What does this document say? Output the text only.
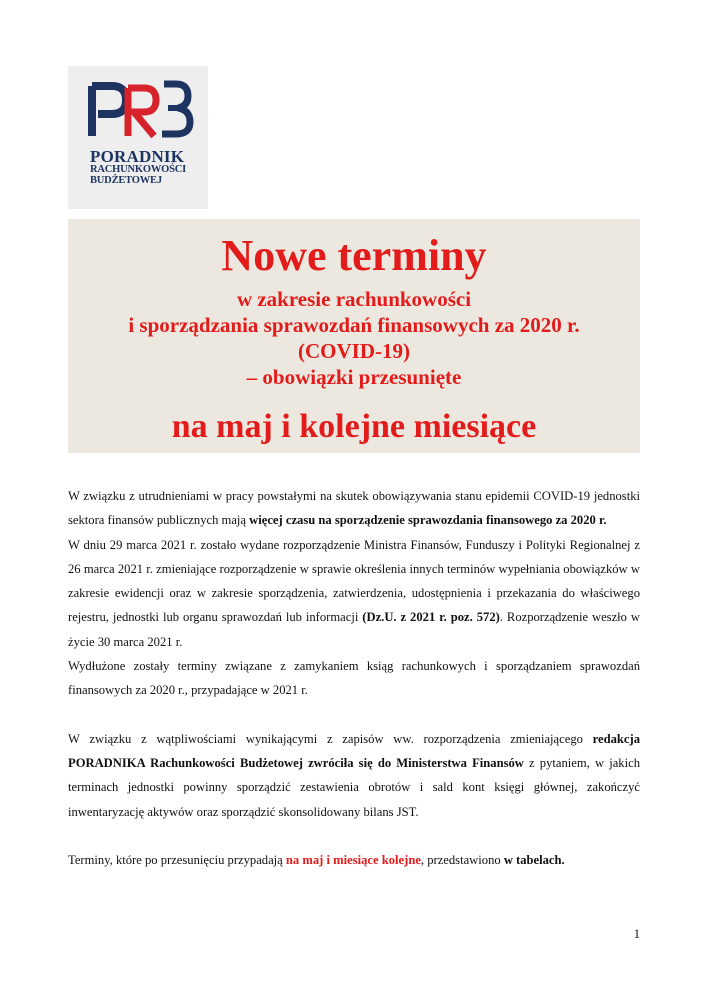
PORADNIK
RACHUNKOWOŚCI
BUDŻETOWEJ
Nowe terminy
w zakresie rachunkowości
i sporządzania sprawozdań finansowych za 2020 r.
(COVID-19)
– obowiązki przesunięte
na maj i kolejne miesiące

W związku z utrudnieniami w pracy powstałymi na skutek obowiązywania stanu epidemii COVID-19 jednostki sektora finansów publicznych mają więcej czasu na sporządzenie sprawozdania finansowego za 2020 r.

W dniu 29 marca 2021 r. zostało wydane rozporządzenie Ministra Finansów, Funduszy i Polityki Regionalnej z 26 marca 2021 r. zmieniające rozporządzenie w sprawie określenia innych terminów wypełniania obowiązków w zakresie ewidencji oraz w zakresie sporządzenia, zatwierdzenia, udostępnienia i przekazania do właściwego rejestru, jednostki lub organu sprawozdań lub informacji (Dz.U. z 2021 r. poz. 572). Rozporządzenie weszło w życie 30 marca 2021 r.

Wydłużone zostały terminy związane z zamykaniem ksiąg rachunkowych i sporządzaniem sprawozdań finansowych za 2020 r., przypadające w 2021 r.

W związku z wątpliwościami wynikającymi z zapisów ww. rozporządzenia zmieniającego redakcja PORADNIKA Rachunkowości Budżetowej zwróciła się do Ministerstwa Finansów z pytaniem, w jakich terminach jednostki powinny sporządzić zestawienia obrotów i sald kont księgi głównej, zakończyć inwentaryzację aktywów oraz sporządzić skonsolidowany bilans JST.

Terminy, które po przesunięciu przypadają na maj i miesiące kolejne, przedstawiono w tabelach.

1
